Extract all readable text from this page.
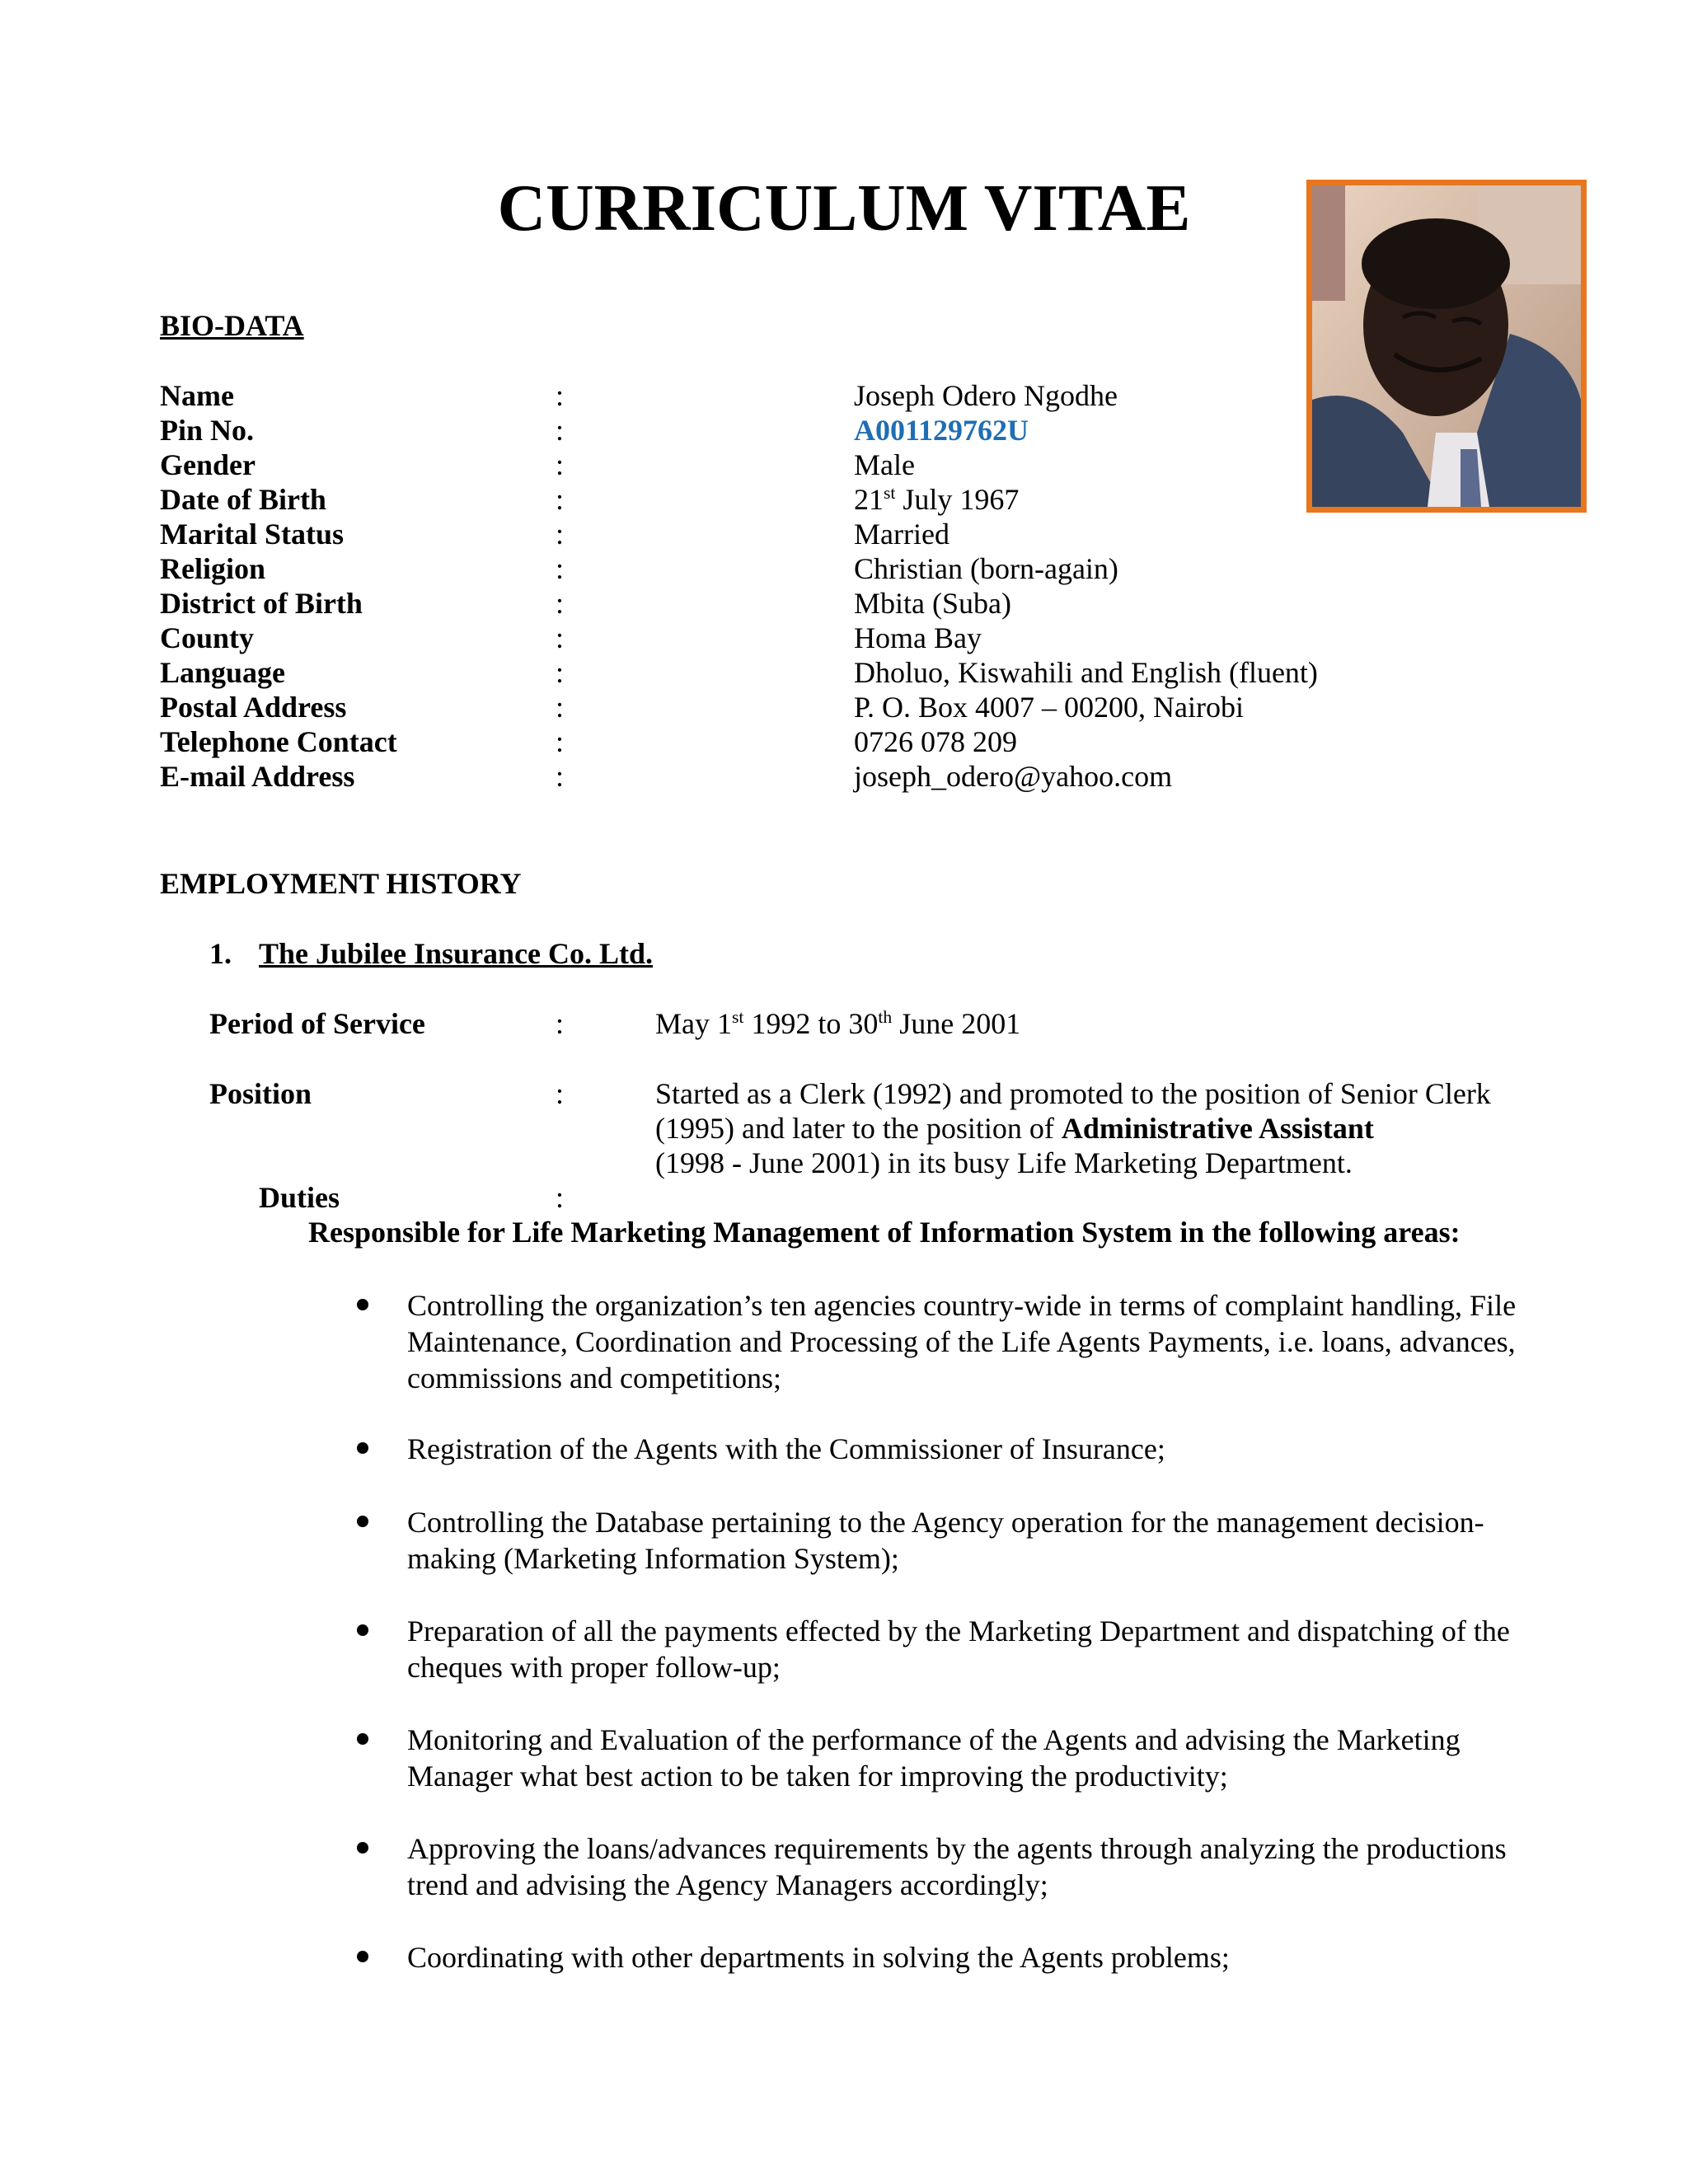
CURRICULUM VITAE
BIO-DATA
Name	:	Joseph Odero Ngodhe
Pin No.	:	A001129762U
Gender	:	Male
Date of Birth	:	21st July 1967
Marital Status	:	Married
Religion	:	Christian (born-again)
District of Birth	:	Mbita (Suba)
County	:	Homa Bay
Language	:	Dholuo, Kiswahili and English (fluent)
Postal Address	:	P. O. Box 4007 – 00200, Nairobi
Telephone Contact	:	0726 078 209
E-mail Address	:	joseph_odero@yahoo.com
EMPLOYMENT HISTORY
1. The Jubilee Insurance Co. Ltd.
Period of Service	:	May 1st 1992 to 30th June 2001
Position	:	Started as a Clerk (1992) and promoted to the position of Senior Clerk
(1995) and later to the position of Administrative Assistant
(1998 - June 2001) in its busy Life Marketing Department.
Duties	:
Responsible for Life Marketing Management of Information System in the following areas:
Controlling the organization’s ten agencies country-wide in terms of complaint handling, File Maintenance, Coordination and Processing of the Life Agents Payments, i.e. loans, advances, commissions and competitions;
Registration of the Agents with the Commissioner of Insurance;
Controlling the Database pertaining to the Agency operation for the management decision-making (Marketing Information System);
Preparation of all the payments effected by the Marketing Department and dispatching of the cheques with proper follow-up;
Monitoring and Evaluation of the performance of the Agents and advising the Marketing Manager what best action to be taken for improving the productivity;
Approving the loans/advances requirements by the agents through analyzing the productions trend and advising the Agency Managers accordingly;
Coordinating with other departments in solving the Agents problems;
